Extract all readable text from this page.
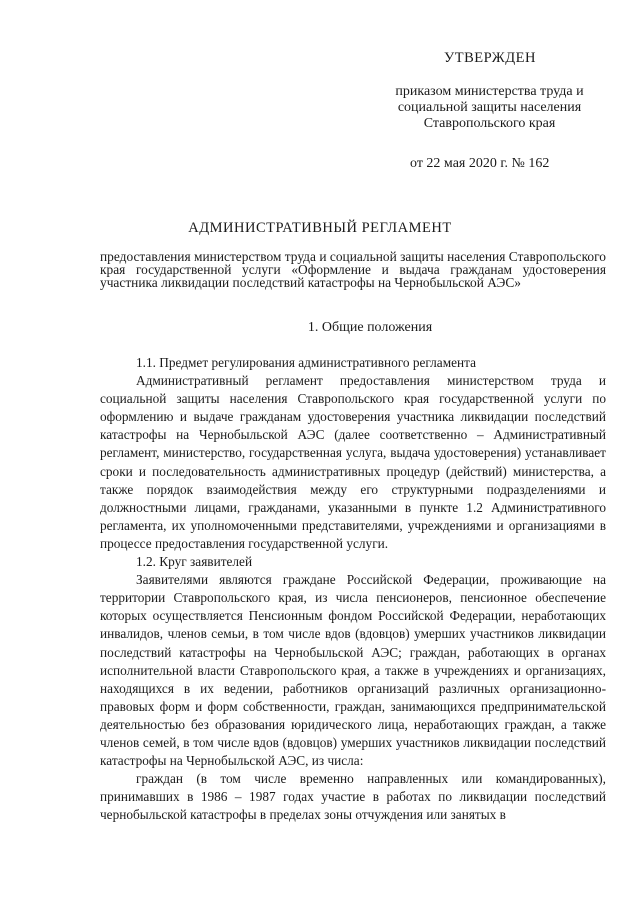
УТВЕРЖДЕН
приказом министерства труда и социальной защиты населения Ставропольского края
от 22 мая 2020 г. № 162
АДМИНИСТРАТИВНЫЙ РЕГЛАМЕНТ
предоставления министерством труда и социальной защиты населения Ставропольского края государственной услуги «Оформление и выдача гражданам удостоверения участника ликвидации последствий катастрофы на Чернобыльской АЭС»
1. Общие положения

1.1. Предмет регулирования административного регламента

Административный регламент предоставления министерством труда и социальной защиты населения Ставропольского края государственной услуги по оформлению и выдаче гражданам удостоверения участника ликвидации последствий катастрофы на Чернобыльской АЭС (далее соответственно – Административный регламент, министерство, государственная услуга, выдача удостоверения) устанавливает сроки и последовательность административных процедур (действий) министерства, а также порядок взаимодействия между его структурными подразделениями и должностными лицами, гражданами, указанными в пункте 1.2 Административного регламента, их уполномоченными представителями, учреждениями и организациями в процессе предоставления государственной услуги.

1.2. Круг заявителей

Заявителями являются граждане Российской Федерации, проживающие на территории Ставропольского края, из числа пенсионеров, пенсионное обеспечение которых осуществляется Пенсионным фондом Российской Федерации, неработающих инвалидов, членов семьи, в том числе вдов (вдовцов) умерших участников ликвидации последствий катастрофы на Чернобыльской АЭС; граждан, работающих в органах исполнительной власти Ставропольского края, а также в учреждениях и организациях, находящихся в их ведении, работников организаций различных организационно-правовых форм и форм собственности, граждан, занимающихся предпринимательской деятельностью без образования юридического лица, неработающих граждан, а также членов семей, в том числе вдов (вдовцов) умерших участников ликвидации последствий катастрофы на Чернобыльской АЭС, из числа:

граждан (в том числе временно направленных или командированных), принимавших в 1986 – 1987 годах участие в работах по ликвидации последствий чернобыльской катастрофы в пределах зоны отчуждения или занятых в
